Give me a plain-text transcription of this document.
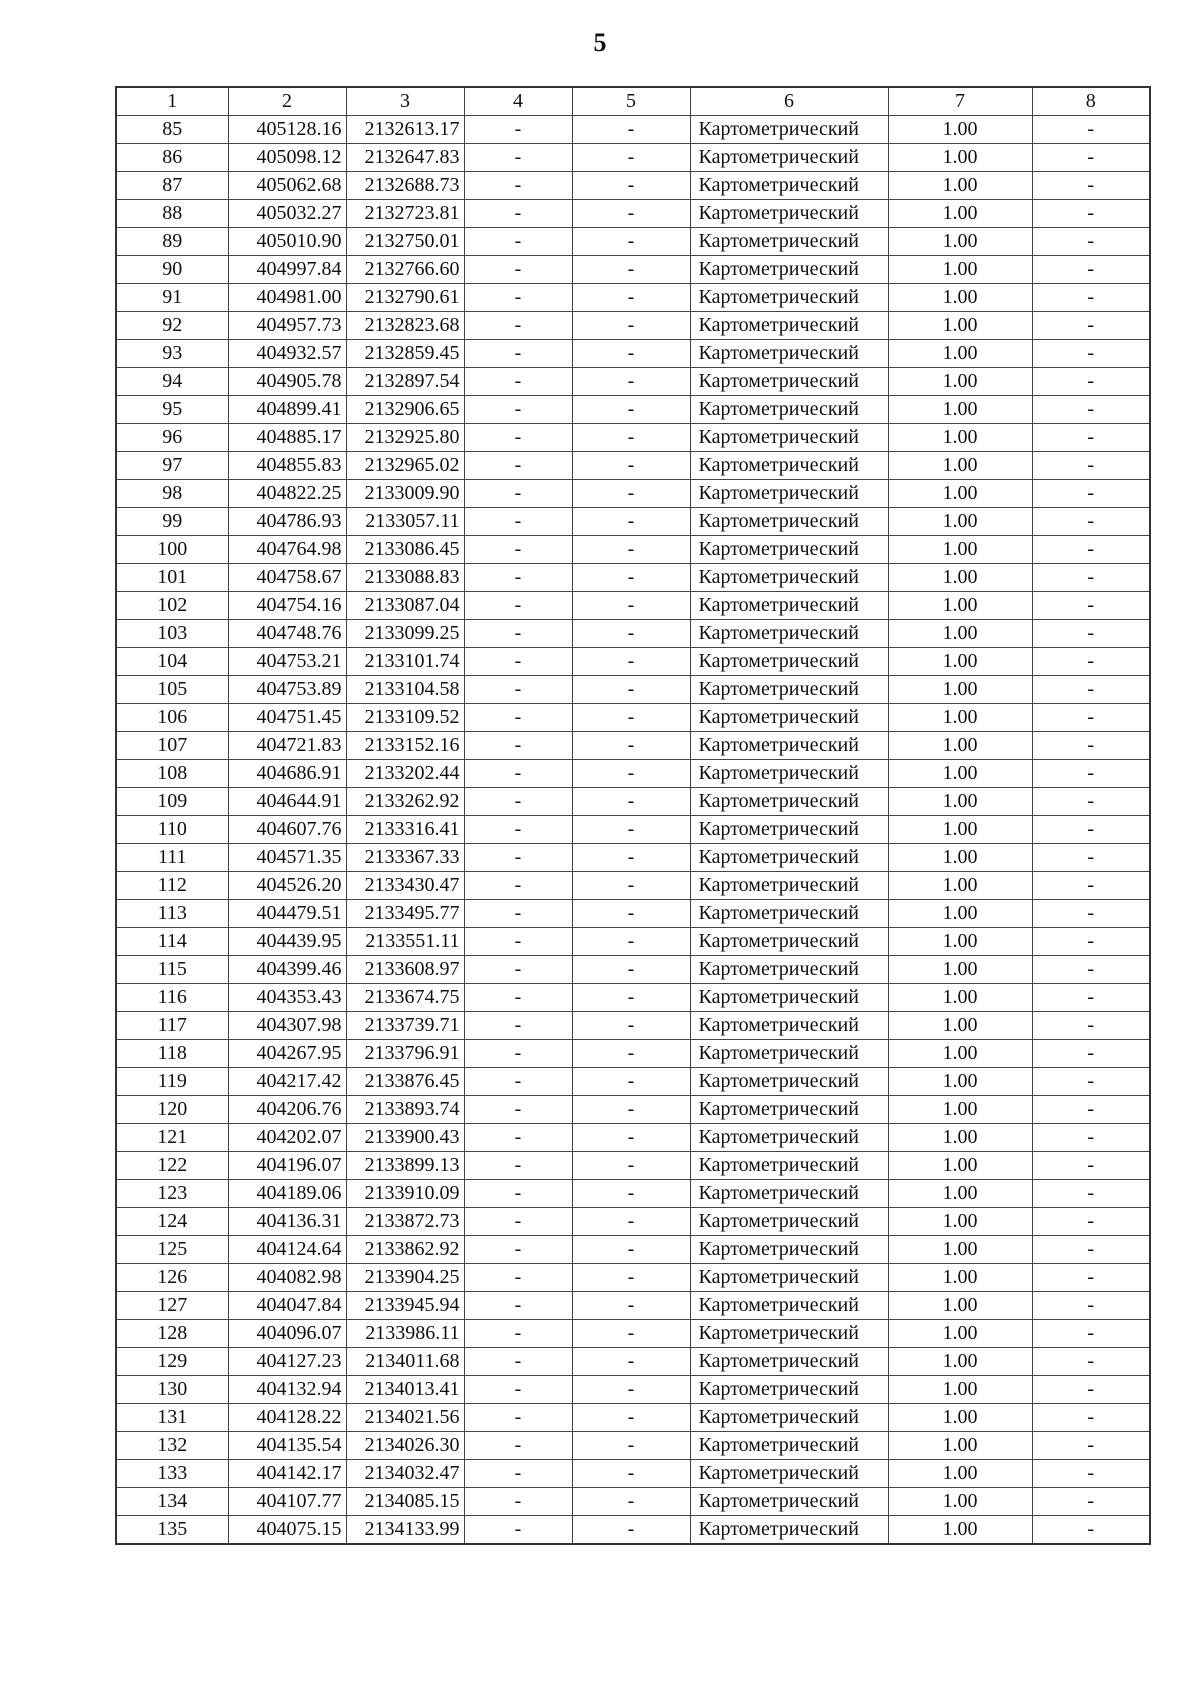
5
1	2	3	4	5	6	7	8
85	405128.16	2132613.17	-	-	Картометрический	1.00	-
86	405098.12	2132647.83	-	-	Картометрический	1.00	-
87	405062.68	2132688.73	-	-	Картометрический	1.00	-
88	405032.27	2132723.81	-	-	Картометрический	1.00	-
89	405010.90	2132750.01	-	-	Картометрический	1.00	-
90	404997.84	2132766.60	-	-	Картометрический	1.00	-
91	404981.00	2132790.61	-	-	Картометрический	1.00	-
92	404957.73	2132823.68	-	-	Картометрический	1.00	-
93	404932.57	2132859.45	-	-	Картометрический	1.00	-
94	404905.78	2132897.54	-	-	Картометрический	1.00	-
95	404899.41	2132906.65	-	-	Картометрический	1.00	-
96	404885.17	2132925.80	-	-	Картометрический	1.00	-
97	404855.83	2132965.02	-	-	Картометрический	1.00	-
98	404822.25	2133009.90	-	-	Картометрический	1.00	-
99	404786.93	2133057.11	-	-	Картометрический	1.00	-
100	404764.98	2133086.45	-	-	Картометрический	1.00	-
101	404758.67	2133088.83	-	-	Картометрический	1.00	-
102	404754.16	2133087.04	-	-	Картометрический	1.00	-
103	404748.76	2133099.25	-	-	Картометрический	1.00	-
104	404753.21	2133101.74	-	-	Картометрический	1.00	-
105	404753.89	2133104.58	-	-	Картометрический	1.00	-
106	404751.45	2133109.52	-	-	Картометрический	1.00	-
107	404721.83	2133152.16	-	-	Картометрический	1.00	-
108	404686.91	2133202.44	-	-	Картометрический	1.00	-
109	404644.91	2133262.92	-	-	Картометрический	1.00	-
110	404607.76	2133316.41	-	-	Картометрический	1.00	-
111	404571.35	2133367.33	-	-	Картометрический	1.00	-
112	404526.20	2133430.47	-	-	Картометрический	1.00	-
113	404479.51	2133495.77	-	-	Картометрический	1.00	-
114	404439.95	2133551.11	-	-	Картометрический	1.00	-
115	404399.46	2133608.97	-	-	Картометрический	1.00	-
116	404353.43	2133674.75	-	-	Картометрический	1.00	-
117	404307.98	2133739.71	-	-	Картометрический	1.00	-
118	404267.95	2133796.91	-	-	Картометрический	1.00	-
119	404217.42	2133876.45	-	-	Картометрический	1.00	-
120	404206.76	2133893.74	-	-	Картометрический	1.00	-
121	404202.07	2133900.43	-	-	Картометрический	1.00	-
122	404196.07	2133899.13	-	-	Картометрический	1.00	-
123	404189.06	2133910.09	-	-	Картометрический	1.00	-
124	404136.31	2133872.73	-	-	Картометрический	1.00	-
125	404124.64	2133862.92	-	-	Картометрический	1.00	-
126	404082.98	2133904.25	-	-	Картометрический	1.00	-
127	404047.84	2133945.94	-	-	Картометрический	1.00	-
128	404096.07	2133986.11	-	-	Картометрический	1.00	-
129	404127.23	2134011.68	-	-	Картометрический	1.00	-
130	404132.94	2134013.41	-	-	Картометрический	1.00	-
131	404128.22	2134021.56	-	-	Картометрический	1.00	-
132	404135.54	2134026.30	-	-	Картометрический	1.00	-
133	404142.17	2134032.47	-	-	Картометрический	1.00	-
134	404107.77	2134085.15	-	-	Картометрический	1.00	-
135	404075.15	2134133.99	-	-	Картометрический	1.00	-
